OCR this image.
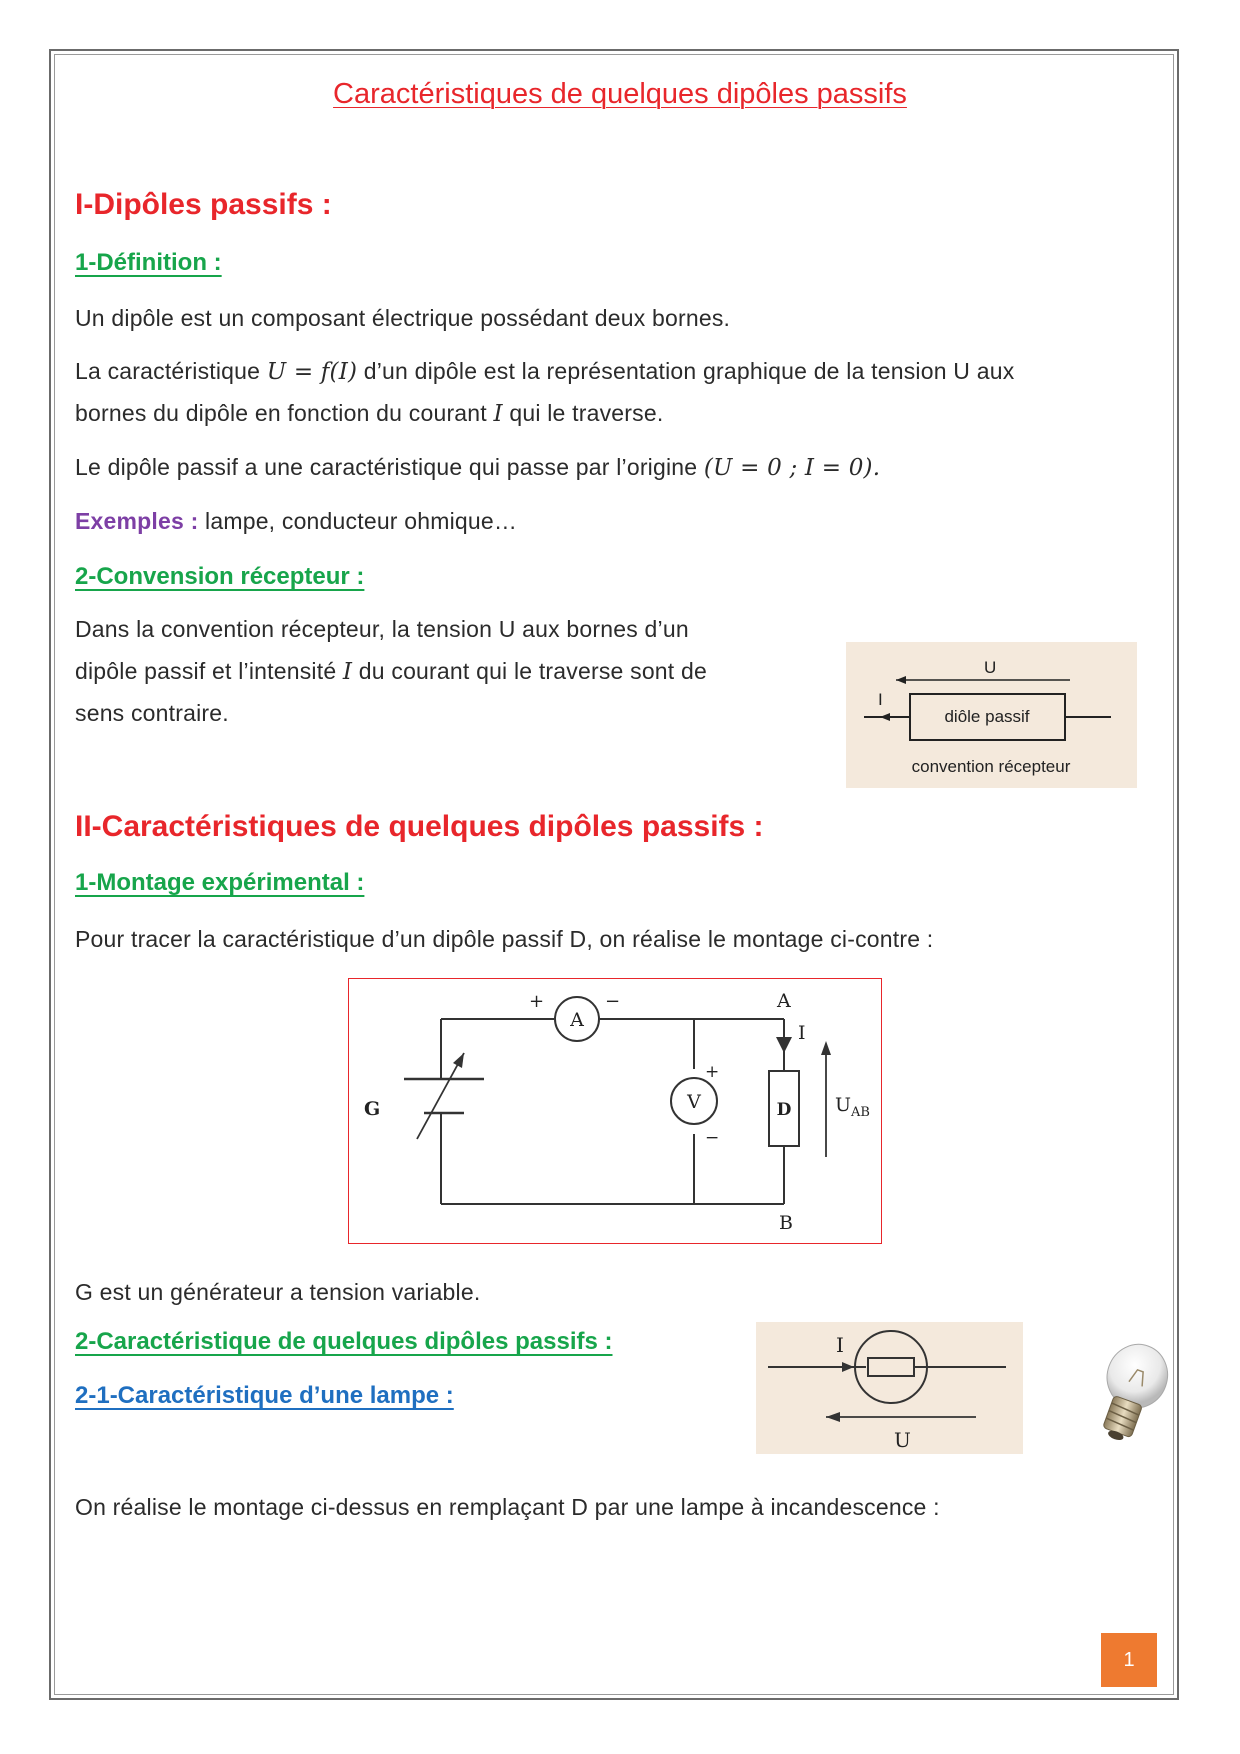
Caractéristiques de quelques dipôles passifs
I-Dipôles passifs :
1-Définition :
Un dipôle est un composant électrique possédant deux bornes.
La caractéristique U = f(I) d’un dipôle est la représentation graphique de la tension U aux
bornes du dipôle en fonction du courant I qui le traverse.
Le dipôle passif a une caractéristique qui passe par l’origine (U = 0 ; I = 0).
Exemples : lampe, conducteur ohmique…
2-Convension récepteur :
Dans la convention récepteur, la tension U aux bornes d’un
dipôle passif et l’intensité I du courant qui le traverse sont de
sens contraire.
U
I
diôle passif
convention récepteur
II-Caractéristiques de quelques dipôles passifs :
1-Montage expérimental :
Pour tracer la caractéristique d’un dipôle passif D, on réalise le montage ci-contre :
G
A
+	−
V
+
−
D
I
A
B
$U_{AB}$
G est un générateur a tension variable.
2-Caractéristique de quelques dipôles passifs :
2-1-Caractéristique d’une lampe :
I
U
On réalise le montage ci-dessus en remplaçant D par une lampe à incandescence :
1
